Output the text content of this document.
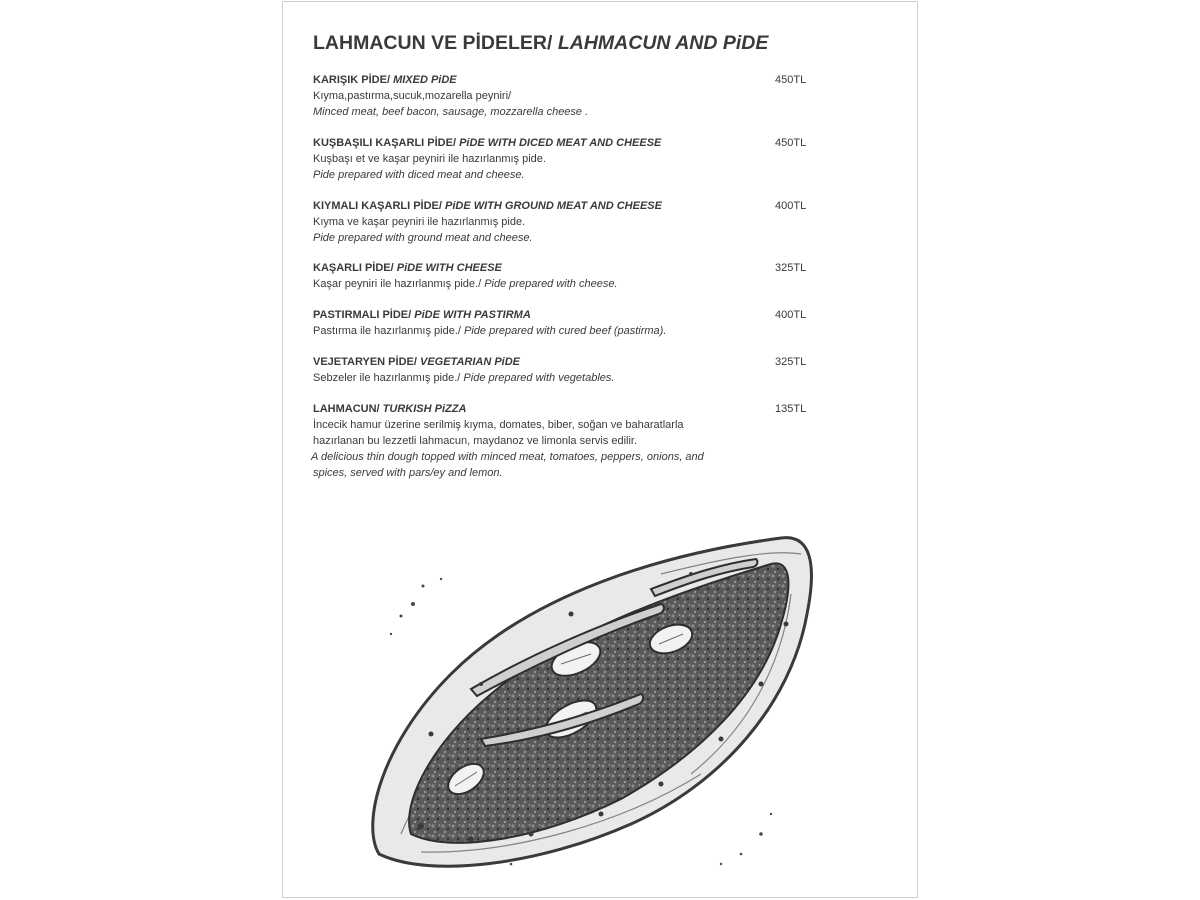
LAHMACUN VE PİDELER/ LAHMACUN AND PiDE
KARIŞIK PİDE/ MIXED PiDE	450TL
Kıyma,pastırma,sucuk,mozarella peyniri/
Minced meat, beef bacon, sausage, mozzarella cheese .
KUŞBAŞILI KAŞARLI PİDE/ PiDE WITH DICED MEAT AND CHEESE	450TL
Kuşbaşı et ve kaşar peyniri ile hazırlanmış pide.
Pide prepared with diced meat and cheese.
KIYMALI KAŞARLI PİDE/ PiDE WITH GROUND MEAT AND CHEESE	400TL
Kıyma ve kaşar peyniri ile hazırlanmış pide.
Pide prepared with ground meat and cheese.
KAŞARLI PİDE/ PiDE WITH CHEESE	325TL
Kaşar peyniri ile hazırlanmış pide./ Pide prepared with cheese.
PASTIRMALI PİDE/ PiDE WITH PASTIRMA	400TL
Pastırma ile hazırlanmış pide./ Pide prepared with cured beef (pastirma).
VEJETARYEN PİDE/ VEGETARIAN PiDE	325TL
Sebzeler ile hazırlanmış pide./ Pide prepared with vegetables.
LAHMACUN/ TURKISH PiZZA	135TL
İncecik hamur üzerine serilmiş kıyma, domates, biber, soğan ve baharatlarla
hazırlanan bu lezzetli lahmacun, maydanoz ve limonla servis edilir.
A delicious thin dough topped with minced meat, tomatoes, peppers, onions, and
spices, served with pars/ey and lemon.
